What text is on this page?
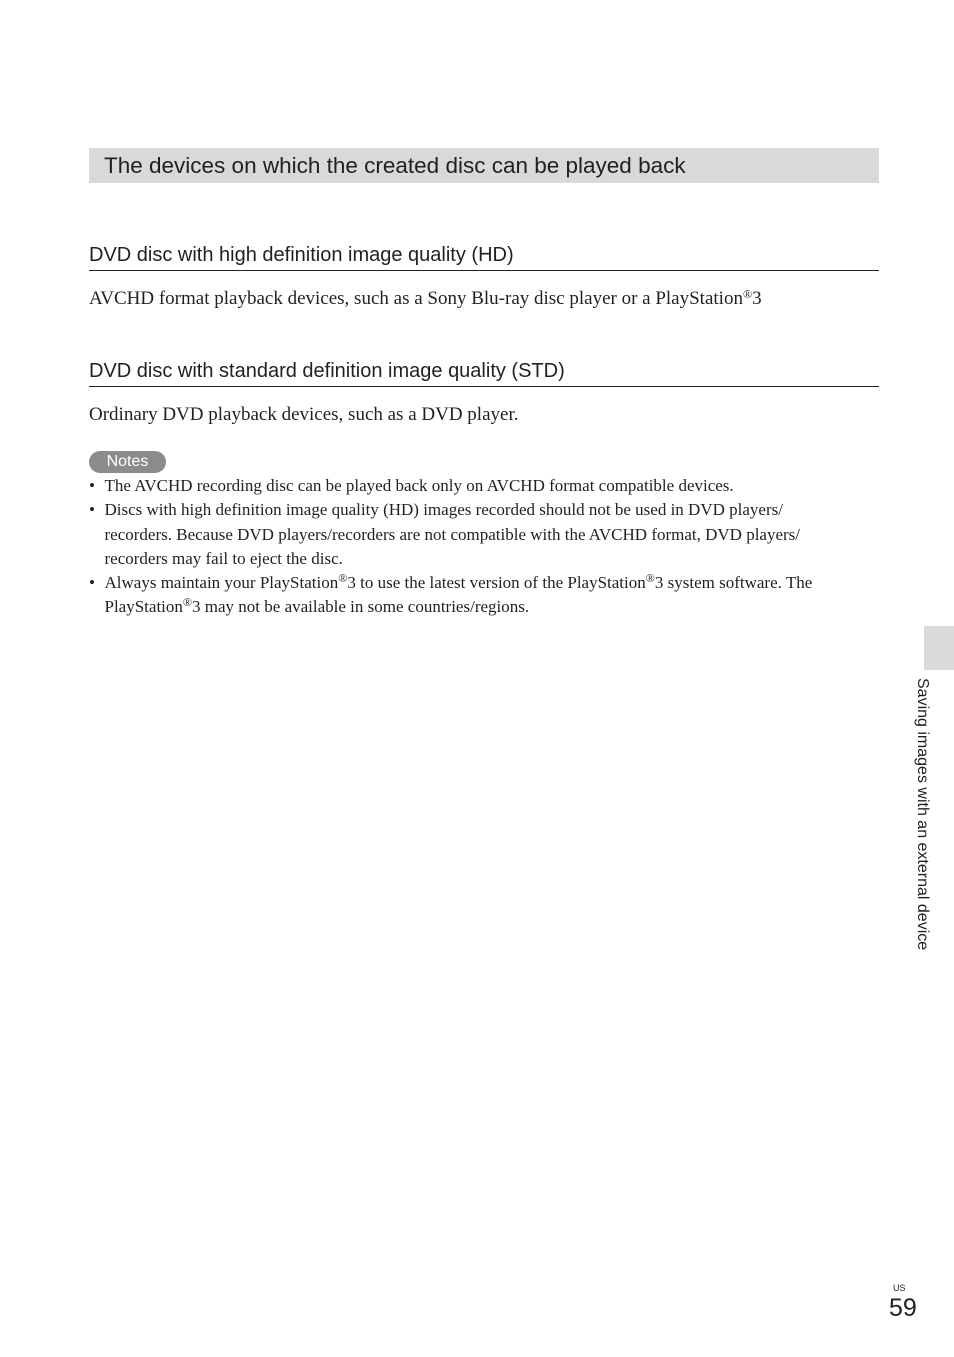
The devices on which the created disc can be played back
DVD disc with high definition image quality (HD)
AVCHD format playback devices, such as a Sony Blu-ray disc player or a PlayStation®3
DVD disc with standard definition image quality (STD)
Ordinary DVD playback devices, such as a DVD player.
Notes
• The AVCHD recording disc can be played back only on AVCHD format compatible devices.
• Discs with high definition image quality (HD) images recorded should not be used in DVD players/
recorders. Because DVD players/recorders are not compatible with the AVCHD format, DVD players/
recorders may fail to eject the disc.
• Always maintain your PlayStation®3 to use the latest version of the PlayStation®3 system software. The
PlayStation®3 may not be available in some countries/regions.
Saving images with an external device
US
59
